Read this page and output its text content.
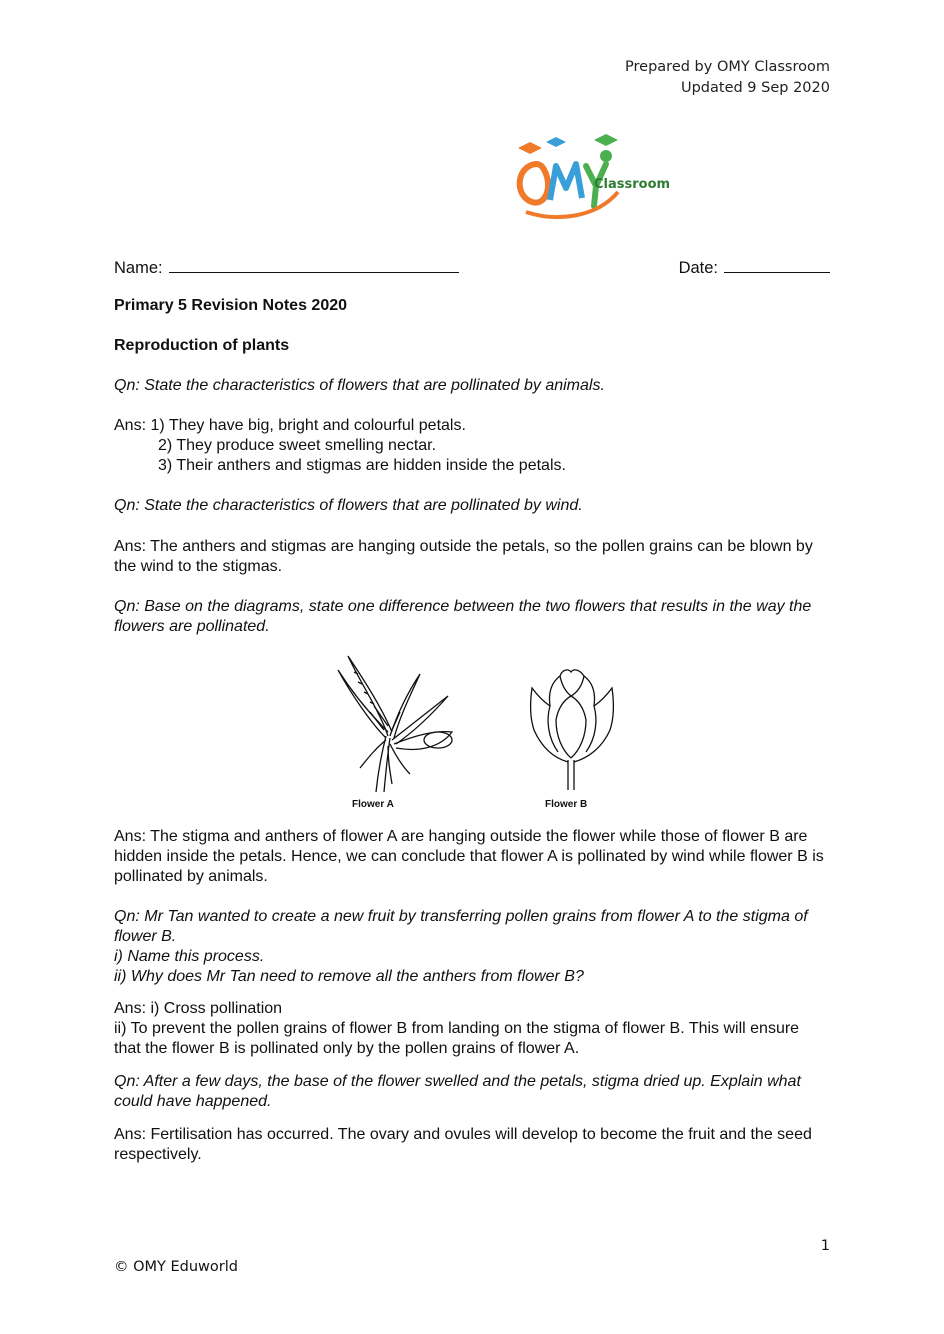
Prepared by OMY Classroom
Updated 9 Sep 2020
Classroom
Name:	Date:
Primary 5 Revision Notes 2020
Reproduction of plants
Qn: State the characteristics of flowers that are pollinated by animals.
Ans: 1) They have big, bright and colourful petals.
2) They produce sweet smelling nectar.
3) Their anthers and stigmas are hidden inside the petals.
Qn: State the characteristics of flowers that are pollinated by wind.
Ans: The anthers and stigmas are hanging outside the petals, so the pollen grains can be blown by the wind to the stigmas.
Qn: Base on the diagrams, state one difference between the two flowers that results in the way the flowers are pollinated.
Flower A	Flower B
Ans: The stigma and anthers of flower A are hanging outside the flower while those of flower B are hidden inside the petals. Hence, we can conclude that flower A is pollinated by wind while flower B is pollinated by animals.
Qn: Mr Tan wanted to create a new fruit by transferring pollen grains from flower A to the stigma of flower B.
i) Name this process.
ii) Why does Mr Tan need to remove all the anthers from flower B?
Ans: i) Cross pollination
ii) To prevent the pollen grains of flower B from landing on the stigma of flower B. This will ensure that the flower B is pollinated only by the pollen grains of flower A.
Qn: After a few days, the base of the flower swelled and the petals, stigma dried up. Explain what could have happened.
Ans: Fertilisation has occurred. The ovary and ovules will develop to become the fruit and the seed respectively.
1
© OMY Eduworld
